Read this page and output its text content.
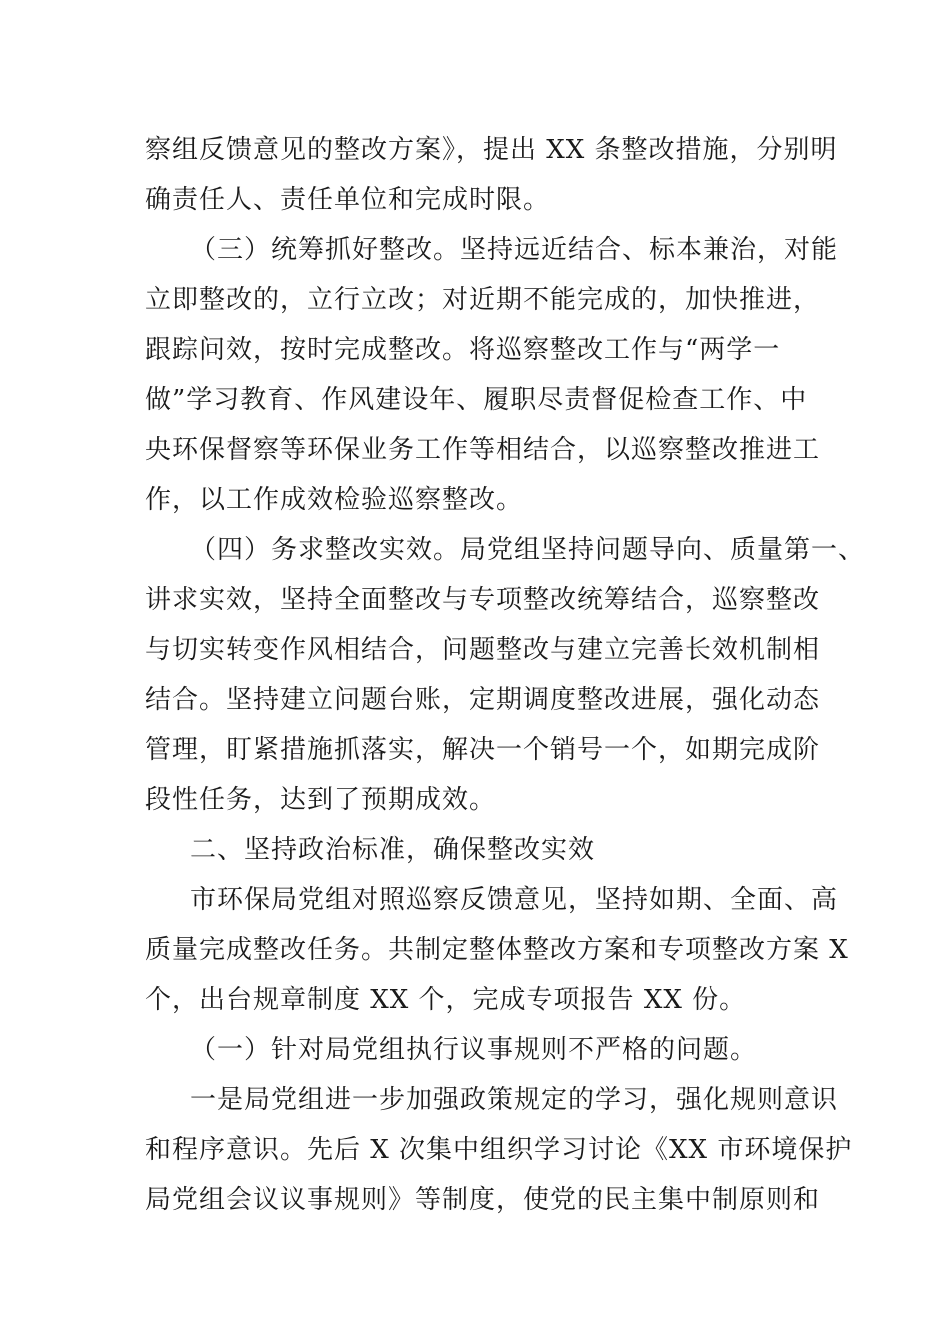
察组反馈意见的整改方案》，提出 XX 条整改措施，分别明
确责任人、责任单位和完成时限。
（三）统筹抓好整改。坚持远近结合、标本兼治，对能
立即整改的，立行立改；对近期不能完成的，加快推进，
跟踪问效，按时完成整改。将巡察整改工作与“两学一
做”学习教育、作风建设年、履职尽责督促检查工作、中
央环保督察等环保业务工作等相结合，以巡察整改推进工
作，以工作成效检验巡察整改。
（四）务求整改实效。局党组坚持问题导向、质量第一、
讲求实效，坚持全面整改与专项整改统筹结合，巡察整改
与切实转变作风相结合，问题整改与建立完善长效机制相
结合。坚持建立问题台账，定期调度整改进展，强化动态
管理，盯紧措施抓落实，解决一个销号一个，如期完成阶
段性任务，达到了预期成效。
二、坚持政治标准，确保整改实效
市环保局党组对照巡察反馈意见，坚持如期、全面、高
质量完成整改任务。共制定整体整改方案和专项整改方案 X
个，出台规章制度 XX 个，完成专项报告 XX 份。
（一）针对局党组执行议事规则不严格的问题。
一是局党组进一步加强政策规定的学习，强化规则意识
和程序意识。先后 X 次集中组织学习讨论《XX 市环境保护
局党组会议议事规则》等制度，使党的民主集中制原则和
